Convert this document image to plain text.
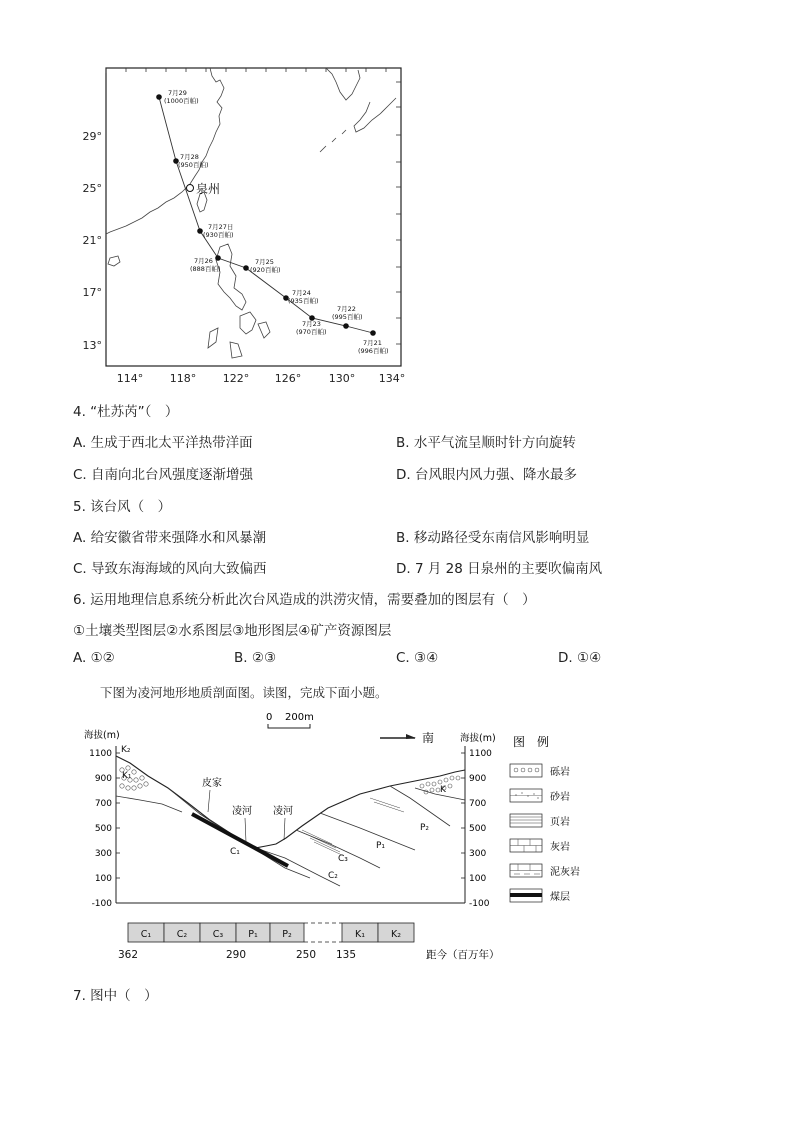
7月29
(1000百帕)
7月28
(950百帕)
7月27日
(930百帕)
7月26
(888百帕)
7月25
(920百帕)
7月24
(935百帕)
7月23
(970百帕)
7月22
(995百帕)
7月21
(996百帕)
泉州
29°
25°
21°
17°
13°
114° 118° 122° 126°	130° 134°
4. “杜苏芮”（　）
A. 生成于西北太平洋热带洋面	B. 水平气流呈顺时针方向旋转
C. 自南向北台风强度逐渐增强	D. 台风眼内风力强、降水最多
5. 该台风（　）
A. 给安徽省带来强降水和风暴潮	B. 移动路径受东南信风影响明显
C. 导致东海海域的风向大致偏西	D. 7 月 28 日泉州的主要吹偏南风
6. 运用地理信息系统分析此次台风造成的洪涝灾情，需要叠加的图层有（　）
①土壤类型图层②水系图层③地形图层④矿产资源图层
A. ①②	B. ②③	C. ③④	D. ①④
下图为凌河地形地质剖面图。读图，完成下面小题。
0 200m
南
海拔(m)	海拔(m)
1100
900
700
500
300
100
-100
1100
900
700
500
300
100
-100
皮家
凌河 凌河
K₂
K₁
C₁
C₂
C₃
P₁
P₂
K
图　例
砾岩
砂岩
页岩
灰岩
泥灰岩
煤层
C₁	C₂	C₃	P₁	P₂	K₁	K₂
362	290	250 135	距今（百万年）
7. 图中（　）
